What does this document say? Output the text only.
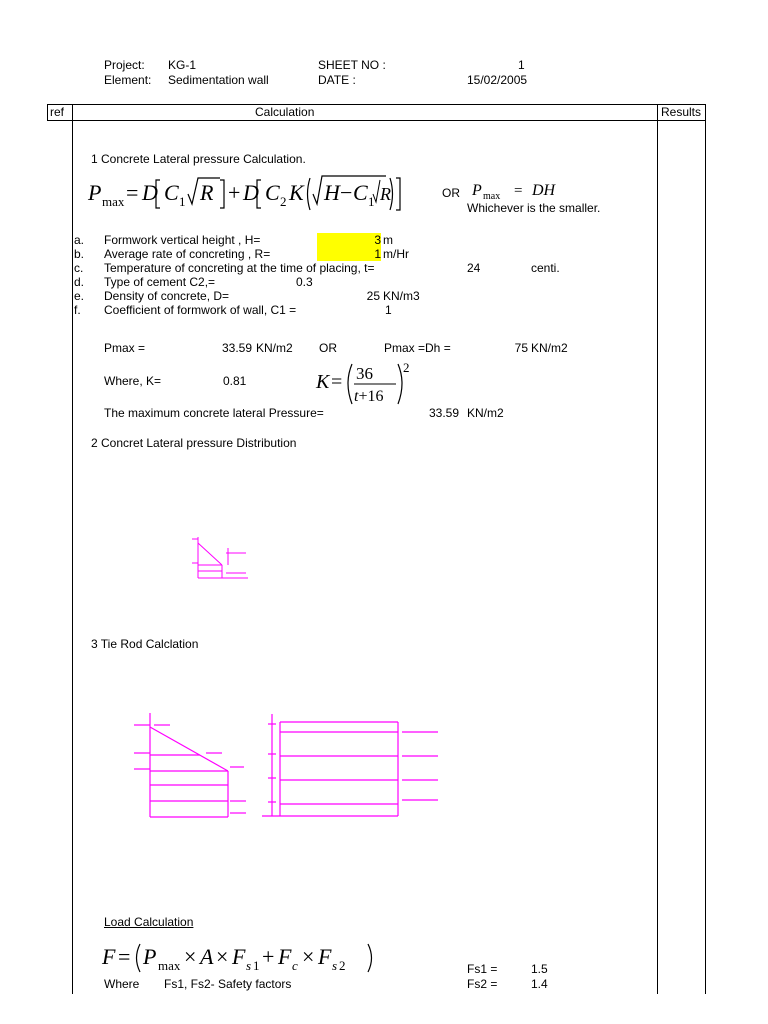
Project: KG-1
Element: Sedimentation wall
SHEET NO :	1
DATE :	15/02/2005
ref	Calculation	Results
1 Concrete Lateral pressure Calculation.
P max = D C 1 R + D C 2 K H − C 1 R	OR P max = DH
Whichever is the smaller.
a. Formwork vertical height , H=	3 m
b. Average rate of concreting , R=	1 m/Hr
c. Temperature of concreting at the time of placing, t=	24	centi.
d. Type of cement C2,=	0.3
e. Density of concrete, D=	25 KN/m3
f. Coefficient of formwork of wall, C1 =	1
Pmax =	33.59 KN/m2 OR	Pmax =Dh =	75 KN/m2
Where, K=	0.81	K = 36
t+16
2
The maximum concrete lateral Pressure=	33.59 KN/m2
2 Concret Lateral pressure Distribution
3 Tie Rod Calclation
Load Calculation
F = P max × A × F s 1 + F c × F s 2	Fs1 =	1.5
Where Fs1, Fs2- Safety factors	Fs2 =	1.4
